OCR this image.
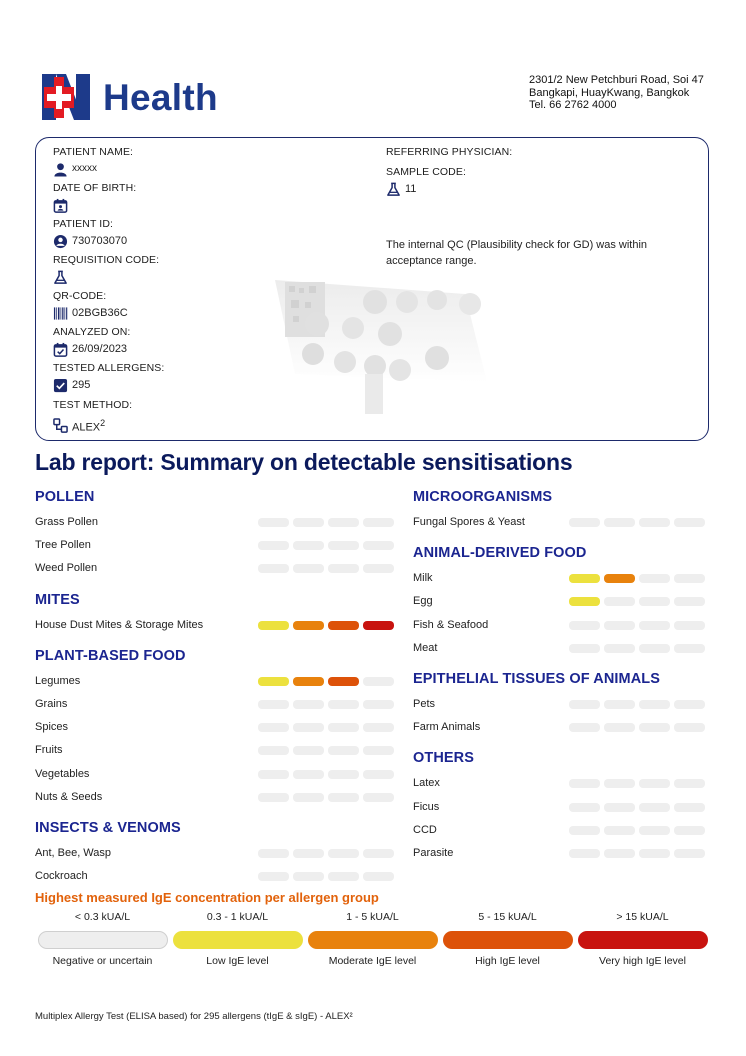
Health	2301/2 New Petchburi Road, Soi 47
Bangkapi, HuayKwang, Bangkok
Tel. 66 2762 4000
PATIENT NAME:
xxxxx
DATE OF BIRTH:
PATIENT ID:
730703070
REQUISITION CODE:
QR-CODE:
02BGB36C
ANALYZED ON:
26/09/2023
TESTED ALLERGENS:
295
TEST METHOD:
ALEX$^2$
REFERRING PHYSICIAN:
SAMPLE CODE:
11
The internal QC (Plausibility check for GD) was within acceptance range.
Lab report: Summary on detectable sensitisations
POLLEN
Grass Pollen
Tree Pollen
Weed Pollen
MITES
House Dust Mites & Storage Mites
PLANT-BASED FOOD
Legumes
Grains
Spices
Fruits
Vegetables
Nuts & Seeds
INSECTS & VENOMS
Ant, Bee, Wasp
Cockroach
MICROORGANISMS
Fungal Spores & Yeast
ANIMAL-DERIVED FOOD
Milk
Egg
Fish & Seafood
Meat
EPITHELIAL TISSUES OF ANIMALS
Pets
Farm Animals
OTHERS
Latex
Ficus
CCD
Parasite
Highest measured IgE concentration per allergen group
< 0.3 kUA/L	0.3 - 1 kUA/L	1 - 5 kUA/L	5 - 15 kUA/L	> 15 kUA/L
Negative or uncertain	Low IgE level	Moderate IgE level	High IgE level	Very high IgE level
Multiplex Allergy Test (ELISA based) for 295 allergens (tIgE & sIgE) - ALEX²
